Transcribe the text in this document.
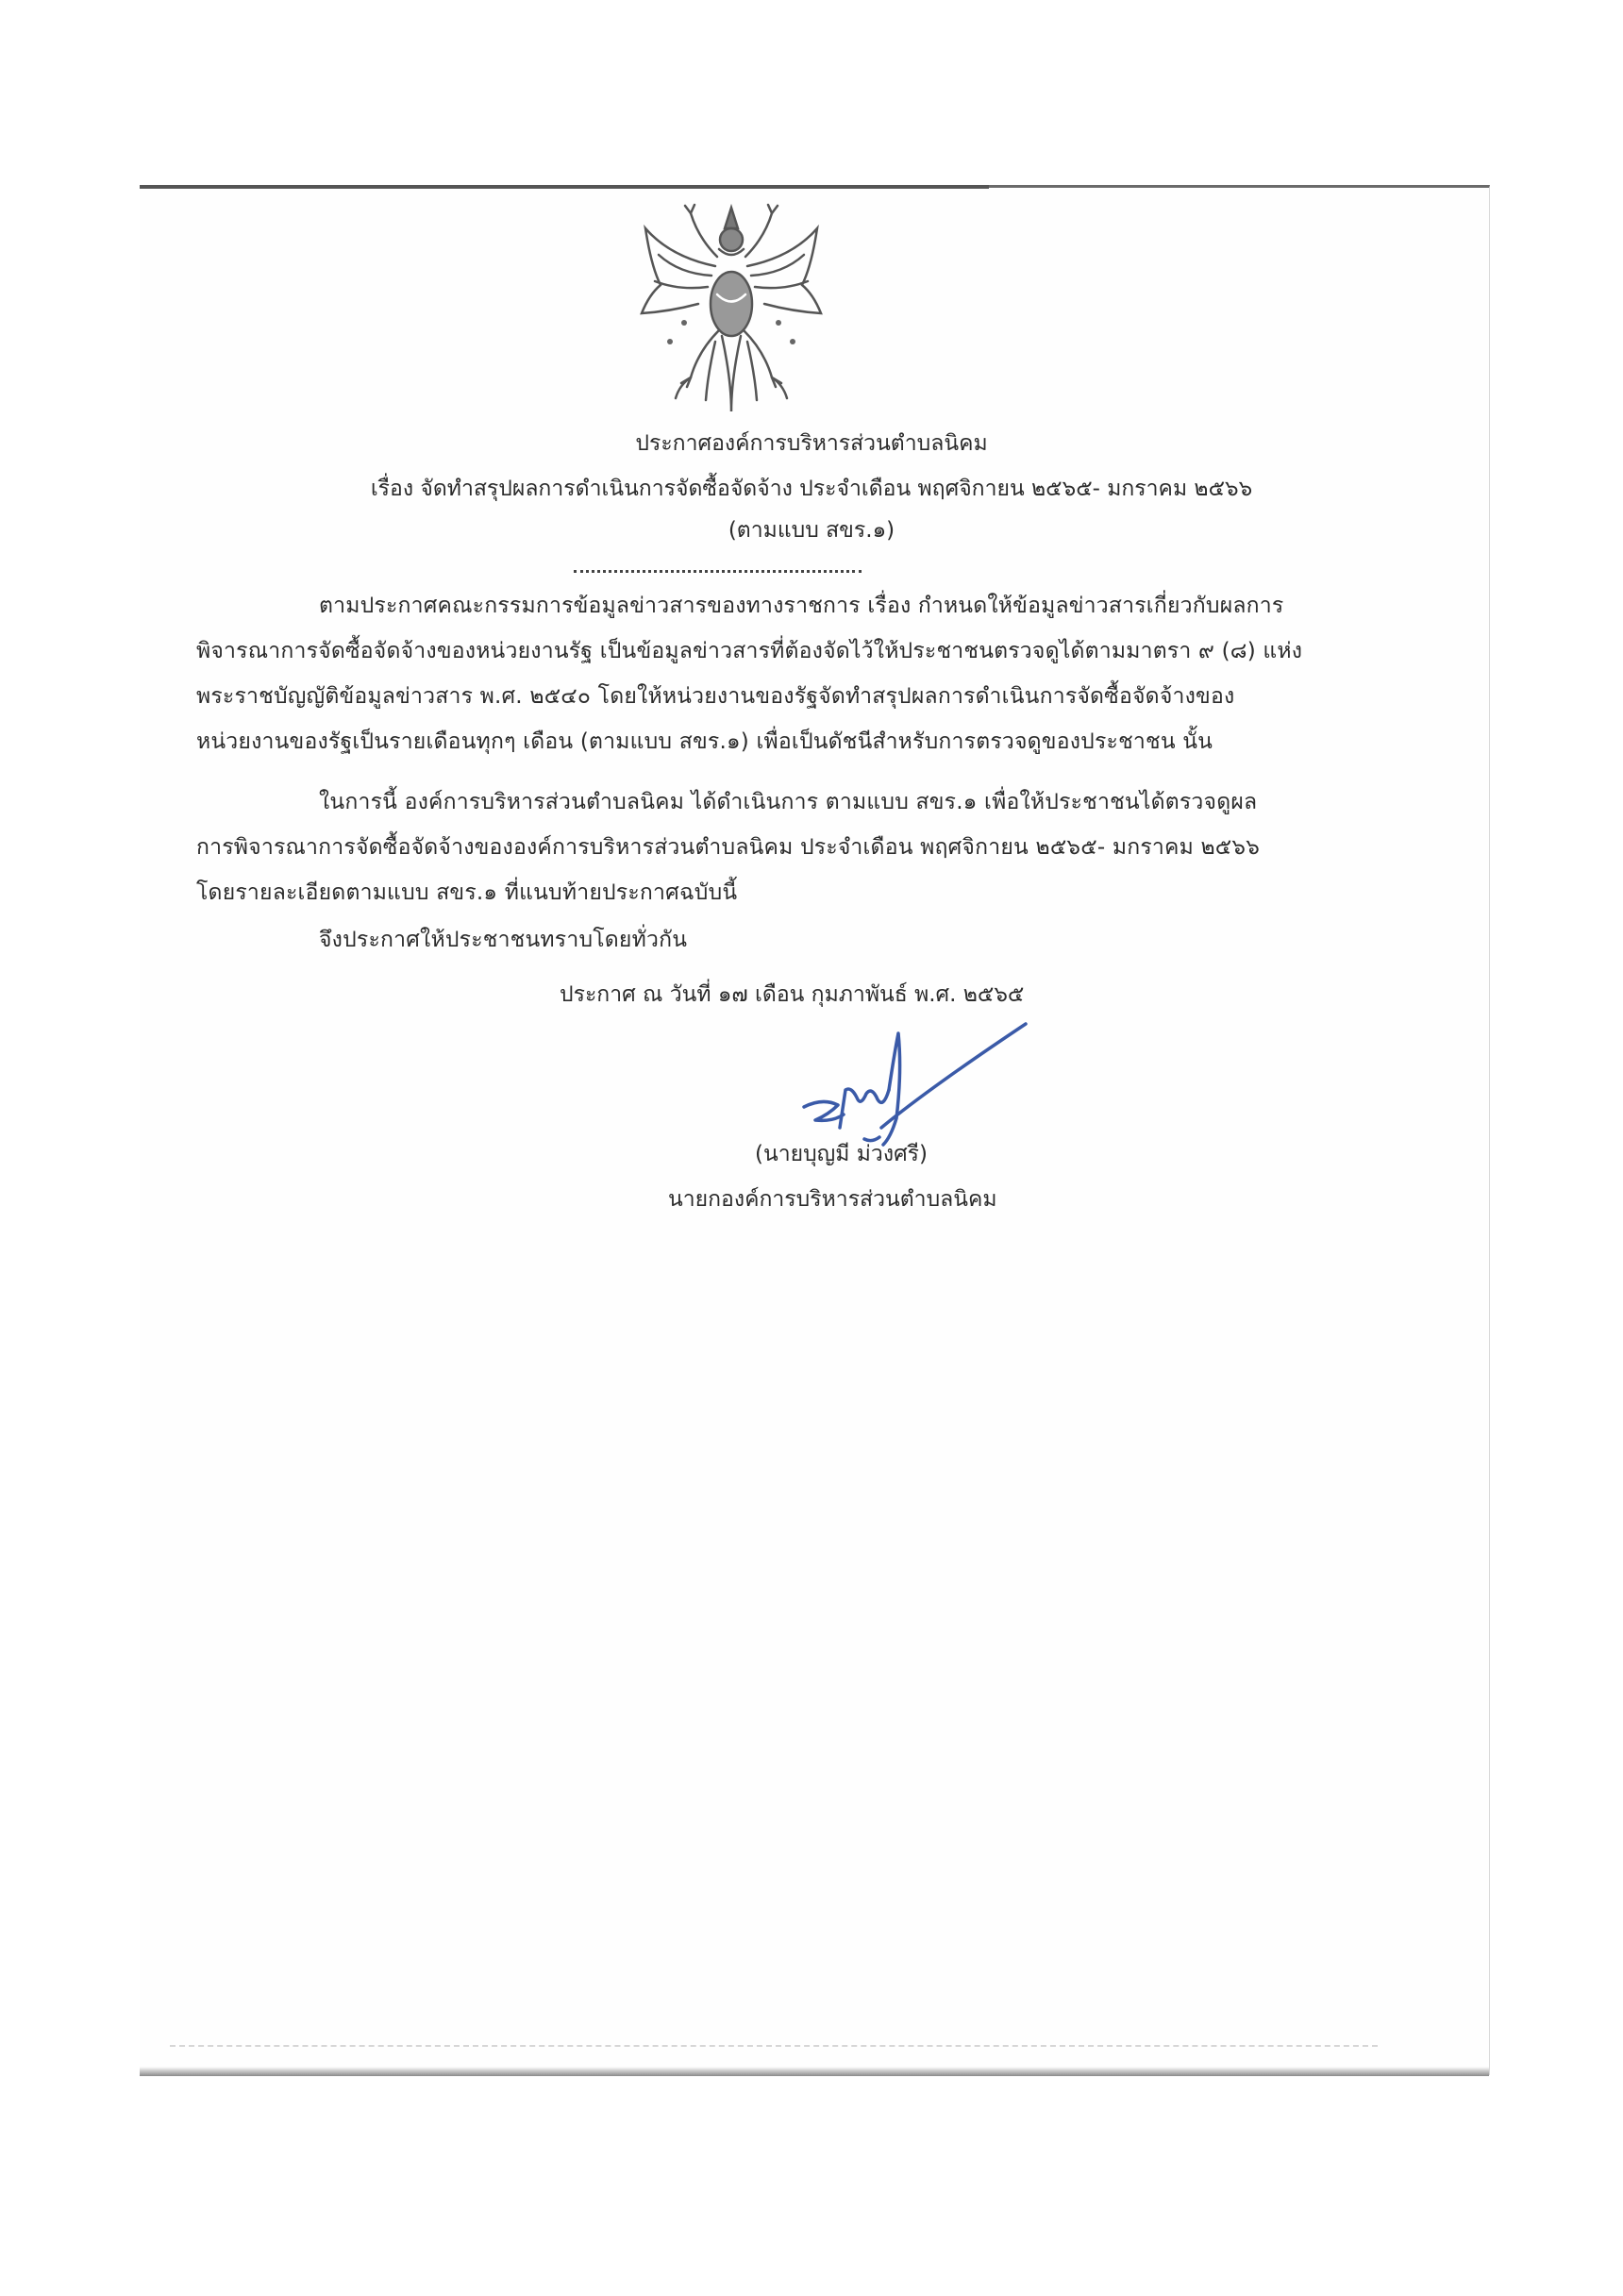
ประกาศองค์การบริหารส่วนตำบลนิคม
เรื่อง จัดทำสรุปผลการดำเนินการจัดซื้อจัดจ้าง ประจำเดือน พฤศจิกายน ๒๕๖๕- มกราคม ๒๕๖๖
(ตามแบบ สขร.๑)
ตามประกาศคณะกรรมการข้อมูลข่าวสารของทางราชการ เรื่อง กำหนดให้ข้อมูลข่าวสารเกี่ยวกับผลการ
พิจารณาการจัดซื้อจัดจ้างของหน่วยงานรัฐ เป็นข้อมูลข่าวสารที่ต้องจัดไว้ให้ประชาชนตรวจดูได้ตามมาตรา ๙ (๘) แห่ง
พระราชบัญญัติข้อมูลข่าวสาร พ.ศ. ๒๕๔๐ โดยให้หน่วยงานของรัฐจัดทำสรุปผลการดำเนินการจัดซื้อจัดจ้างของ
หน่วยงานของรัฐเป็นรายเดือนทุกๆ เดือน (ตามแบบ สขร.๑) เพื่อเป็นดัชนีสำหรับการตรวจดูของประชาชน นั้น
ในการนี้ องค์การบริหารส่วนตำบลนิคม ได้ดำเนินการ ตามแบบ สขร.๑ เพื่อให้ประชาชนได้ตรวจดูผล
การพิจารณาการจัดซื้อจัดจ้างขององค์การบริหารส่วนตำบลนิคม ประจำเดือน พฤศจิกายน ๒๕๖๕- มกราคม ๒๕๖๖
โดยรายละเอียดตามแบบ สขร.๑ ที่แนบท้ายประกาศฉบับนี้
จึงประกาศให้ประชาชนทราบโดยทั่วกัน
ประกาศ ณ วันที่ ๑๗ เดือน กุมภาพันธ์ พ.ศ. ๒๕๖๕
(นายบุญมี ม่วงศรี)
นายกองค์การบริหารส่วนตำบลนิคม
